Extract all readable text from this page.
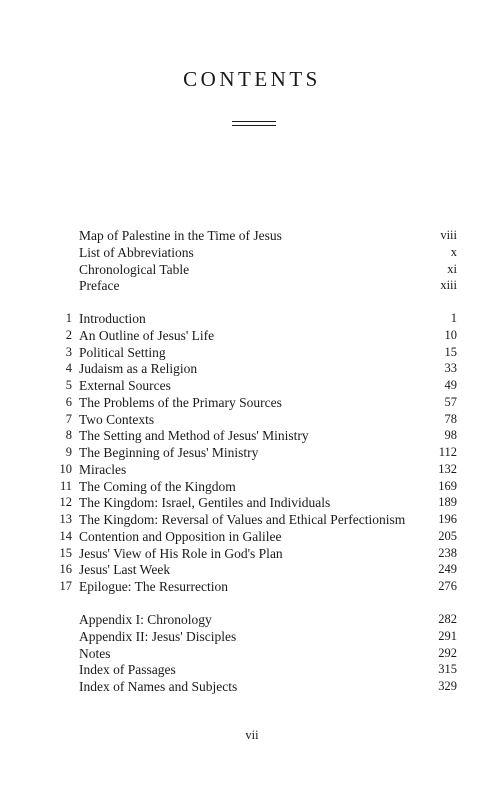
CONTENTS
Map of Palestine in the Time of Jesus	viii
List of Abbreviations	x
Chronological Table	xi
Preface	xiii
1 Introduction	1
2 An Outline of Jesus' Life	10
3 Political Setting	15
4 Judaism as a Religion	33
5 External Sources	49
6 The Problems of the Primary Sources	57
7 Two Contexts	78
8 The Setting and Method of Jesus' Ministry	98
9 The Beginning of Jesus' Ministry	112
10 Miracles	132
11 The Coming of the Kingdom	169
12 The Kingdom: Israel, Gentiles and Individuals	189
13 The Kingdom: Reversal of Values and Ethical Perfectionism	196
14 Contention and Opposition in Galilee	205
15 Jesus' View of His Role in God's Plan	238
16 Jesus' Last Week	249
17 Epilogue: The Resurrection	276
Appendix I: Chronology	282
Appendix II: Jesus' Disciples	291
Notes	292
Index of Passages	315
Index of Names and Subjects	329
vii
